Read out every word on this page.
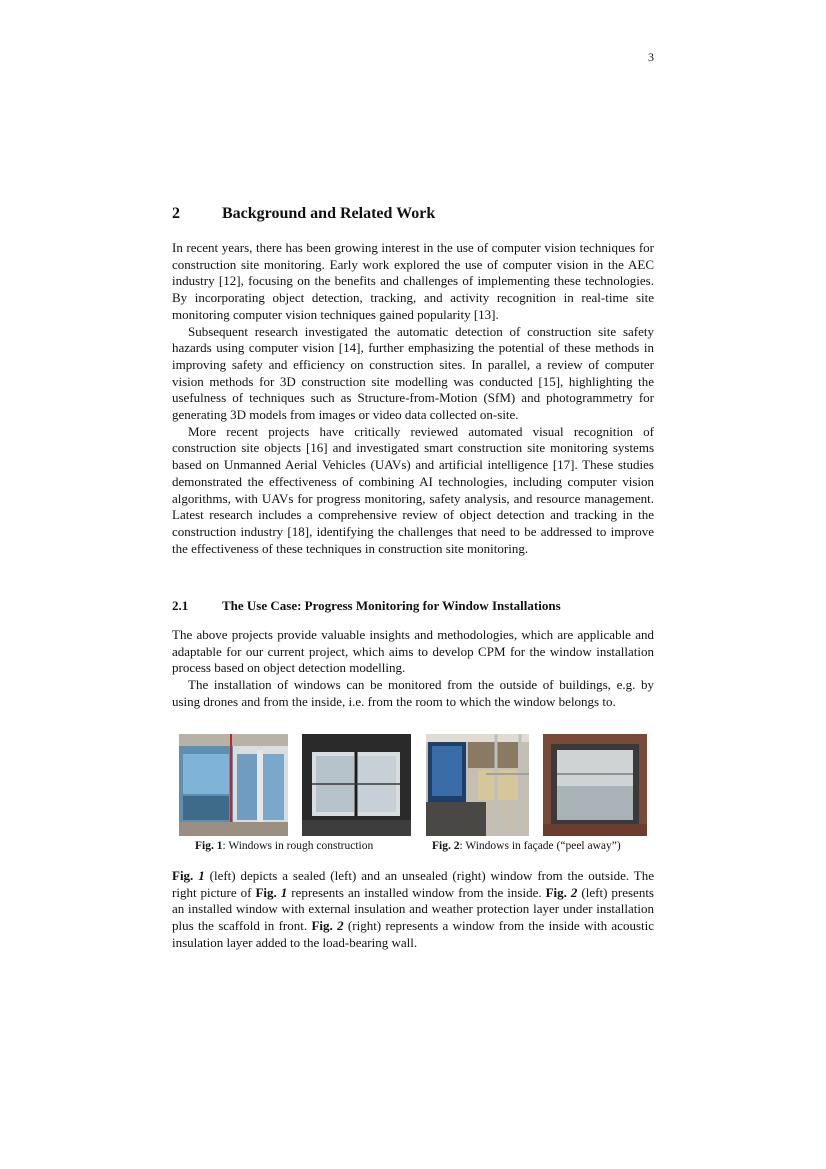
3
2	Background and Related Work

In recent years, there has been growing interest in the use of computer vision techniques for construction site monitoring. Early work explored the use of computer vision in the AEC industry [12], focusing on the benefits and challenges of implementing these technologies. By incorporating object detection, tracking, and activity recognition in real-time site monitoring computer vision techniques gained popularity [13].

Subsequent research investigated the automatic detection of construction site safety hazards using computer vision [14], further emphasizing the potential of these methods in improving safety and efficiency on construction sites. In parallel, a review of computer vision methods for 3D construction site modelling was conducted [15], highlighting the usefulness of techniques such as Structure-from-Motion (SfM) and photogrammetry for generating 3D models from images or video data collected on-site.

More recent projects have critically reviewed automated visual recognition of construction site objects [16] and investigated smart construction site monitoring systems based on Unmanned Aerial Vehicles (UAVs) and artificial intelligence [17]. These studies demonstrated the effectiveness of combining AI technologies, including computer vision algorithms, with UAVs for progress monitoring, safety analysis, and resource management. Latest research includes a comprehensive review of object detection and tracking in the construction industry [18], identifying the challenges that need to be addressed to improve the effectiveness of these techniques in construction site monitoring.

2.1	The Use Case: Progress Monitoring for Window Installations

The above projects provide valuable insights and methodologies, which are applicable and adaptable for our current project, which aims to develop CPM for the window installation process based on object detection modelling.

The installation of windows can be monitored from the outside of buildings, e.g. by using drones and from the inside, i.e. from the room to which the window belongs to.

Fig. 1: Windows in rough construction	Fig. 2: Windows in façade (“peel away”)

Fig. 1 (left) depicts a sealed (left) and an unsealed (right) window from the outside. The right picture of Fig. 1 represents an installed window from the inside. Fig. 2 (left) presents an installed window with external insulation and weather protection layer under installation plus the scaffold in front. Fig. 2 (right) represents a window from the inside with acoustic insulation layer added to the load-bearing wall.
